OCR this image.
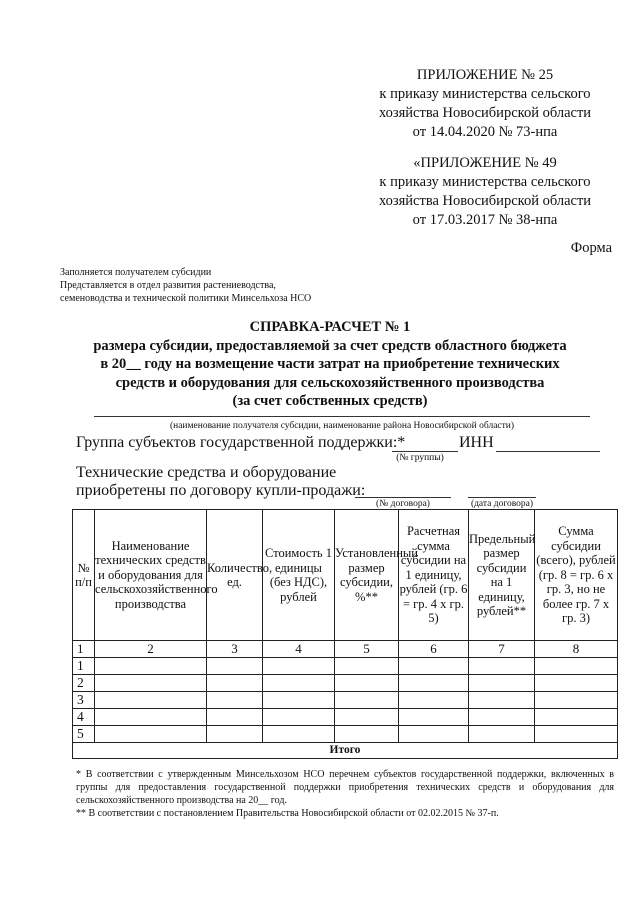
ПРИЛОЖЕНИЕ № 25
к приказу министерства сельского
хозяйства Новосибирской области
от 14.04.2020 № 73-нпа
«ПРИЛОЖЕНИЕ № 49
к приказу министерства сельского
хозяйства Новосибирской области
от 17.03.2017 № 38-нпа
Форма
Заполняется получателем субсидии
Представляется в отдел развития растениеводства,
семеноводства и технической политики Минсельхоза НСО
СПРАВКА-РАСЧЕТ № 1
размера субсидии, предоставляемой за счет средств областного бюджета
в 20__ году на возмещение части затрат на приобретение технических
средств и оборудования для сельскохозяйственного производства
(за счет собственных средств)
(наименование получателя субсидии, наименование района Новосибирской области)
Группа субъектов государственной поддержки:*	ИНН
(№ группы)
Технические средства и оборудование
приобретены по договору купли-продажи:
(№ договора)	(дата договора)
№ п/п	Наименование технических средств и оборудования для сельскохозяйственного производства	Количество, ед.	Стоимость 1 единицы (без НДС), рублей	Установленный размер субсидии, %**	Расчетная сумма субсидии на 1 единицу, рублей (гр. 6 = гр. 4 х гр. 5)	Предельный размер субсидии на 1 единицу, рублей**	Сумма субсидии (всего), рублей (гр. 8 = гр. 6 х гр. 3, но не более гр. 7 х гр. 3)
1	2	3	4	5	6	7	8
1							
2							
3							
4							
5							
Итого							
* В соответствии с утвержденным Минсельхозом НСО перечнем субъектов государственной поддержки, включенных в группы для предоставления государственной поддержки приобретения технических средств и оборудования для сельскохозяйственного производства на 20__ год.
** В соответствии с постановлением Правительства Новосибирской области от 02.02.2015 № 37-п.
